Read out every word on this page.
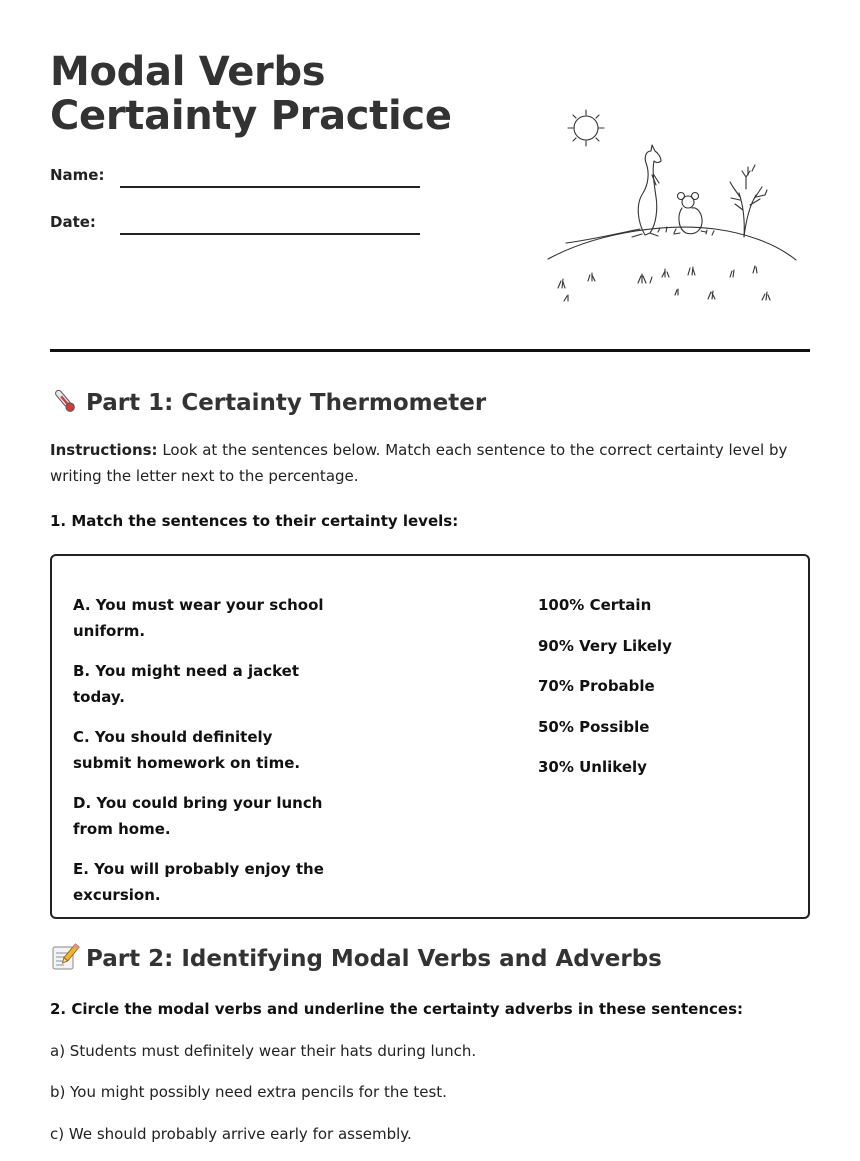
Modal Verbs Certainty Practice
Name:
Date:
Part 1: Certainty Thermometer

Instructions: Look at the sentences below. Match each sentence to the correct certainty level by writing the letter next to the percentage.

1. Match the sentences to their certainty levels:

A. You must wear your school uniform.
B. You might need a jacket today.
C. You should definitely submit homework on time.
D. You could bring your lunch from home.
E. You will probably enjoy the excursion.
100% Certain
90% Very Likely
70% Probable
50% Possible
30% Unlikely
Part 2: Identifying Modal Verbs and Adverbs

2. Circle the modal verbs and underline the certainty adverbs in these sentences:

a) Students must definitely wear their hats during lunch.

b) You might possibly need extra pencils for the test.

c) We should probably arrive early for assembly.
